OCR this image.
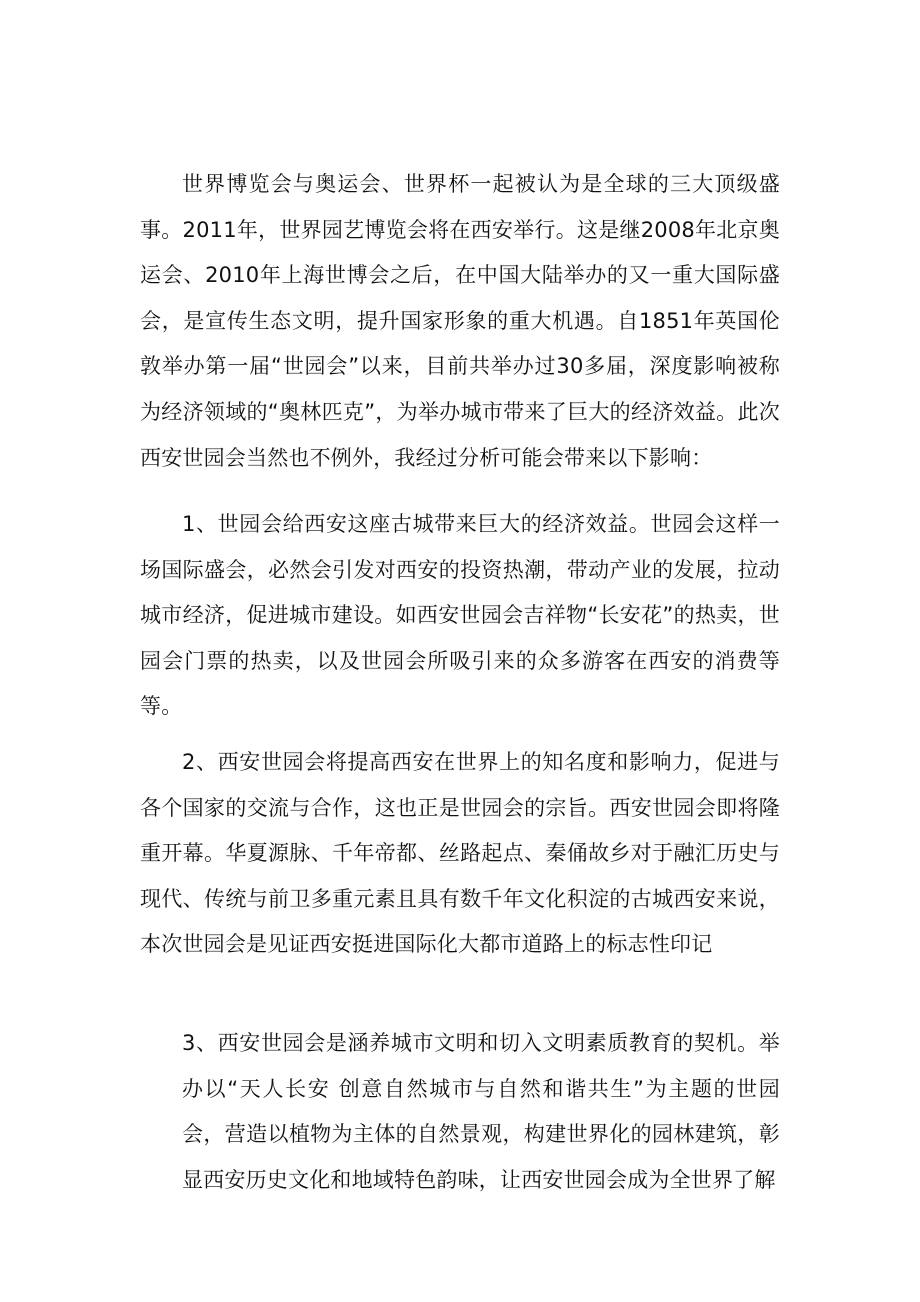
世界博览会与奥运会、世界杯一起被认为是全球的三大顶级盛事。2011年，世界园艺博览会将在西安举行。这是继2008年北京奥运会、2010年上海世博会之后，在中国大陆举办的又一重大国际盛会，是宣传生态文明，提升国家形象的重大机遇。自1851年英国伦敦举办第一届“世园会”以来，目前共举办过30多届，深度影响被称为经济领域的“奥林匹克”，为举办城市带来了巨大的经济效益。此次西安世园会当然也不例外，我经过分析可能会带来以下影响：

1、世园会给西安这座古城带来巨大的经济效益。世园会这样一场国际盛会，必然会引发对西安的投资热潮，带动产业的发展，拉动城市经济，促进城市建设。如西安世园会吉祥物“长安花”的热卖，世园会门票的热卖，以及世园会所吸引来的众多游客在西安的消费等等。

2、西安世园会将提高西安在世界上的知名度和影响力，促进与各个国家的交流与合作，这也正是世园会的宗旨。西安世园会即将隆重开幕。华夏源脉、千年帝都、丝路起点、秦俑故乡对于融汇历史与现代、传统与前卫多重元素且具有数千年文化积淀的古城西安来说，本次世园会是见证西安挺进国际化大都市道路上的标志性印记

3、西安世园会是涵养城市文明和切入文明素质教育的契机。举办以“天人长安 创意自然城市与自然和谐共生”为主题的世园会，营造以植物为主体的自然景观，构建世界化的园林建筑，彰显西安历史文化和地域特色韵味，让西安世园会成为全世界了解
